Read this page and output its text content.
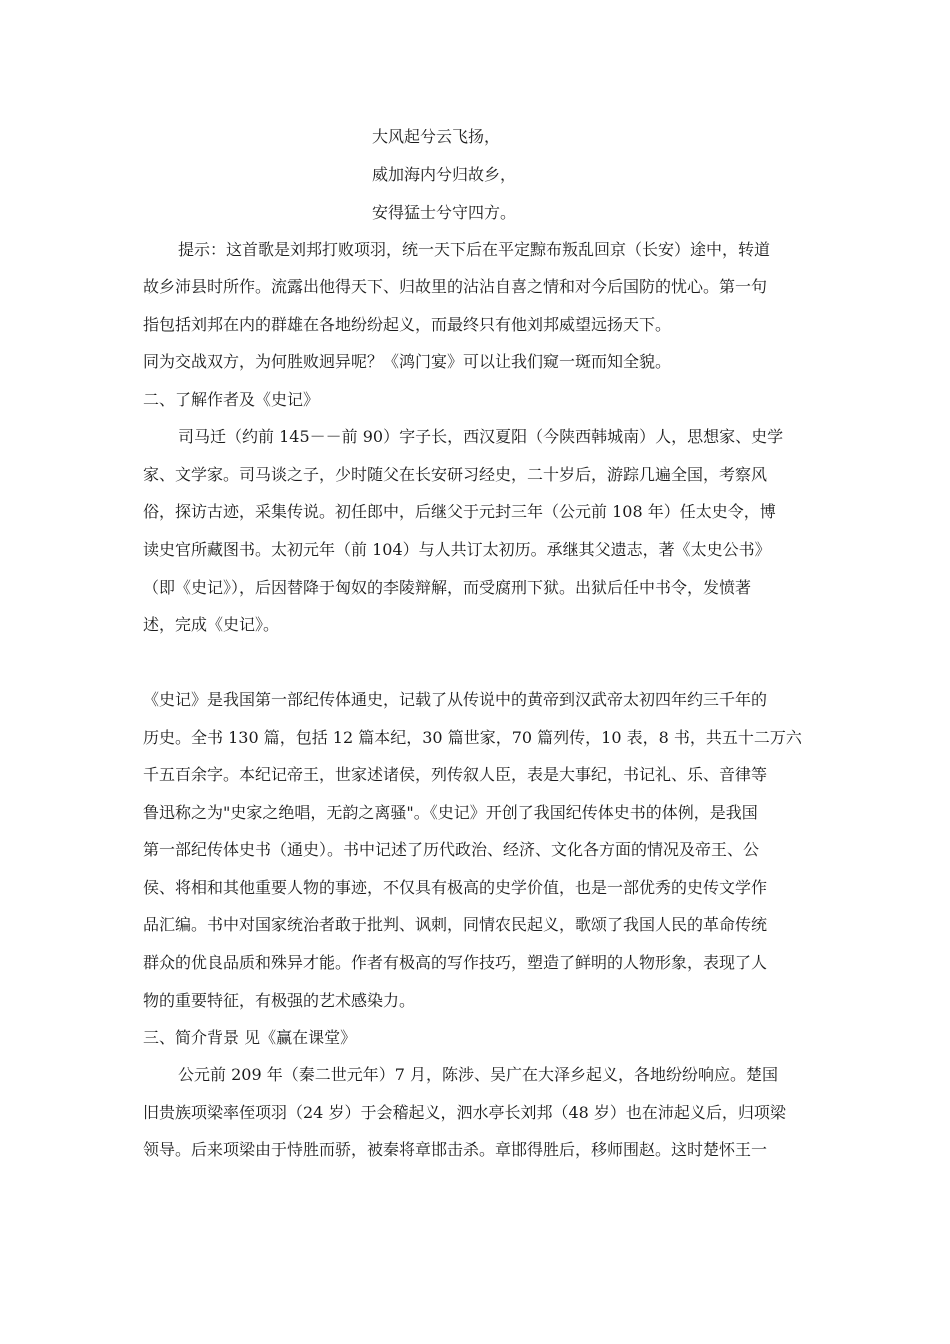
大风起兮云飞扬，
威加海内兮归故乡，
安得猛士兮守四方。
提示：这首歌是刘邦打败项羽，统一天下后在平定黥布叛乱回京（长安）途中，转道
故乡沛县时所作。流露出他得天下、归故里的沾沾自喜之情和对今后国防的忧心。第一句
指包括刘邦在内的群雄在各地纷纷起义，而最终只有他刘邦威望远扬天下。
同为交战双方，为何胜败迥异呢？《鸿门宴》可以让我们窥一斑而知全貌。
二、了解作者及《史记》
司马迁（约前 145－－前 90）字子长，西汉夏阳（今陕西韩城南）人，思想家、史学
家、文学家。司马谈之子，少时随父在长安研习经史，二十岁后，游踪几遍全国，考察风
俗，探访古迹，采集传说。初任郎中，后继父于元封三年（公元前 108 年）任太史令，博
读史官所藏图书。太初元年（前 104）与人共订太初历。承继其父遗志，著《太史公书》
（即《史记》），后因替降于匈奴的李陵辩解，而受腐刑下狱。出狱后任中书令，发愤著
述，完成《史记》。
《史记》是我国第一部纪传体通史，记载了从传说中的黄帝到汉武帝太初四年约三千年的
历史。全书 130 篇，包括 12 篇本纪，30 篇世家，70 篇列传，10 表，8 书，共五十二万六
千五百余字。本纪记帝王，世家述诸侯，列传叙人臣，表是大事纪，书记礼、乐、音律等
鲁迅称之为"史家之绝唱，无韵之离骚"。《史记》开创了我国纪传体史书的体例，是我国
第一部纪传体史书（通史）。书中记述了历代政治、经济、文化各方面的情况及帝王、公
侯、将相和其他重要人物的事迹，不仅具有极高的史学价值，也是一部优秀的史传文学作
品汇编。书中对国家统治者敢于批判、讽刺，同情农民起义，歌颂了我国人民的革命传统
群众的优良品质和殊异才能。作者有极高的写作技巧，塑造了鲜明的人物形象，表现了人
物的重要特征，有极强的艺术感染力。
三、简介背景 见《赢在课堂》
公元前 209 年（秦二世元年）7 月，陈涉、吴广在大泽乡起义，各地纷纷响应。楚国
旧贵族项梁率侄项羽（24 岁）于会稽起义，泗水亭长刘邦（48 岁）也在沛起义后，归项梁
领导。后来项梁由于恃胜而骄，被秦将章邯击杀。章邯得胜后，移师围赵。这时楚怀王一
